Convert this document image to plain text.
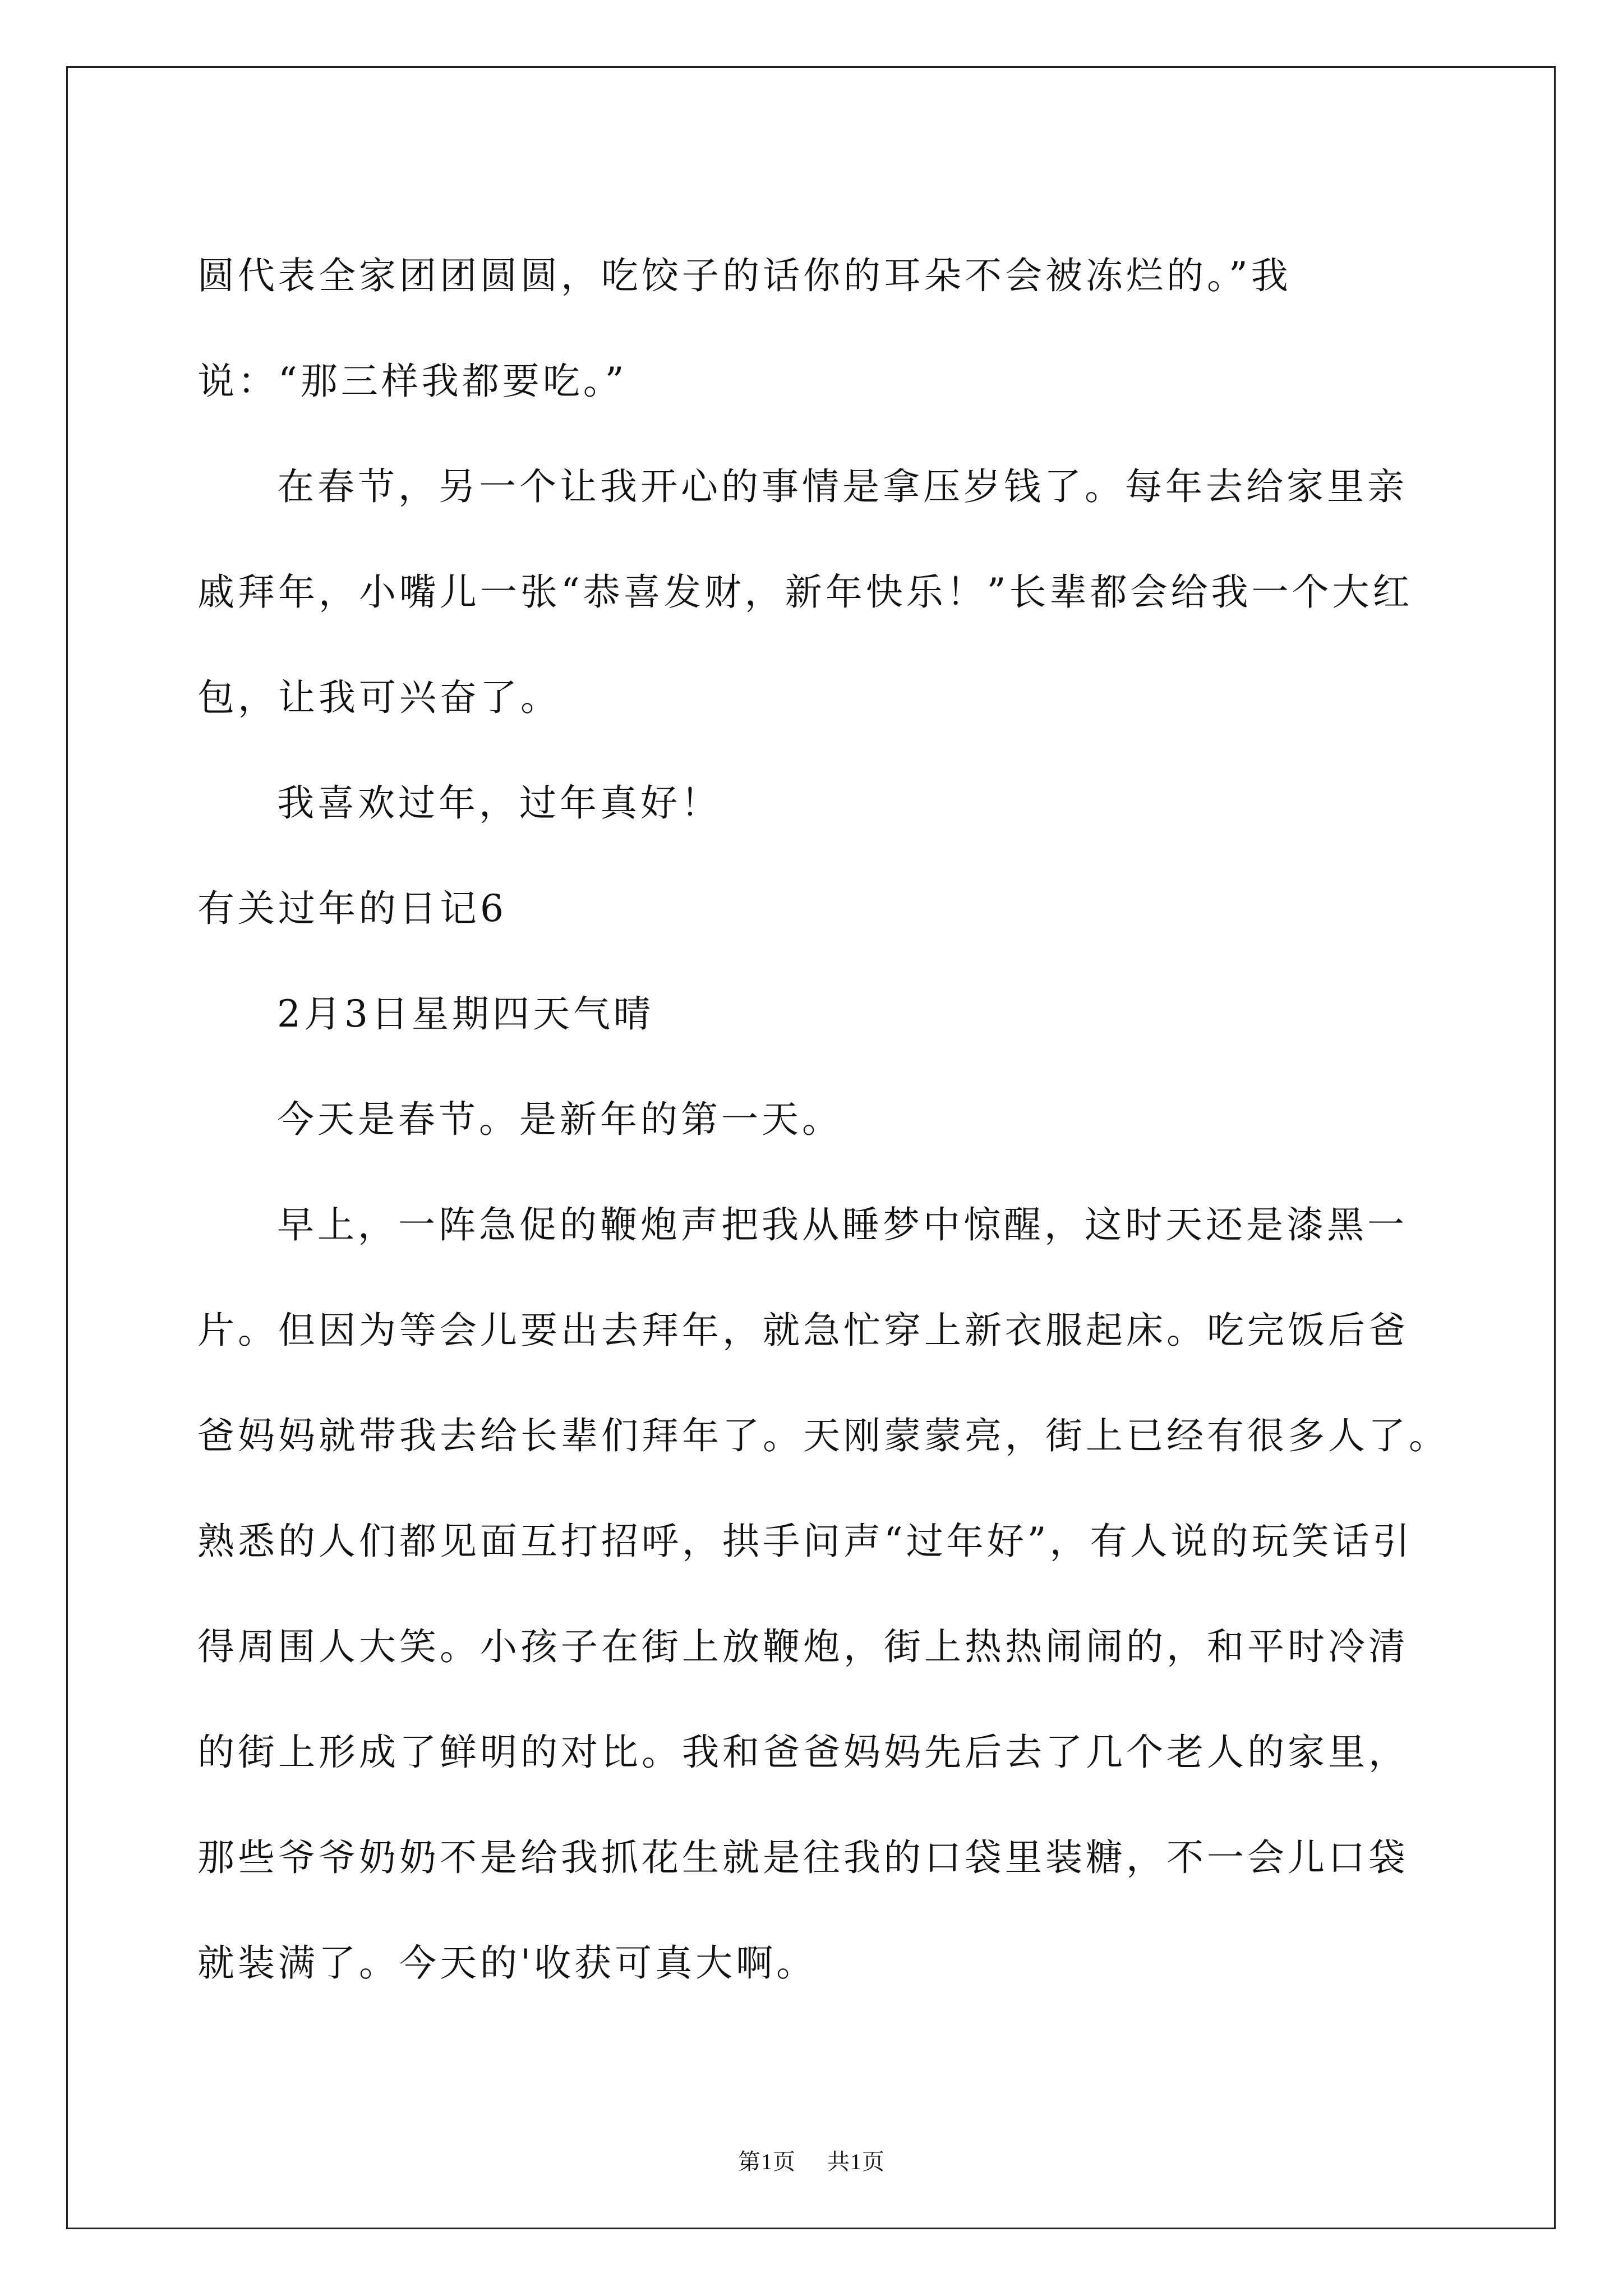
圆代表全家团团圆圆，吃饺子的话你的耳朵不会被冻烂的。”我
说：“那三样我都要吃。”
在春节，另一个让我开心的事情是拿压岁钱了。每年去给家里亲
戚拜年，小嘴儿一张“恭喜发财，新年快乐！”长辈都会给我一个大红
包，让我可兴奋了。
我喜欢过年，过年真好！
有关过年的日记6
2月3日星期四天气晴
今天是春节。是新年的第一天。
早上，一阵急促的鞭炮声把我从睡梦中惊醒，这时天还是漆黑一
片。但因为等会儿要出去拜年，就急忙穿上新衣服起床。吃完饭后爸
爸妈妈就带我去给长辈们拜年了。天刚蒙蒙亮，街上已经有很多人了。
熟悉的人们都见面互打招呼，拱手问声“过年好”，有人说的玩笑话引
得周围人大笑。小孩子在街上放鞭炮，街上热热闹闹的，和平时冷清
的街上形成了鲜明的对比。我和爸爸妈妈先后去了几个老人的家里，
那些爷爷奶奶不是给我抓花生就是往我的口袋里装糖，不一会儿口袋
就装满了。今天的'收获可真大啊。
第1页 共1页
